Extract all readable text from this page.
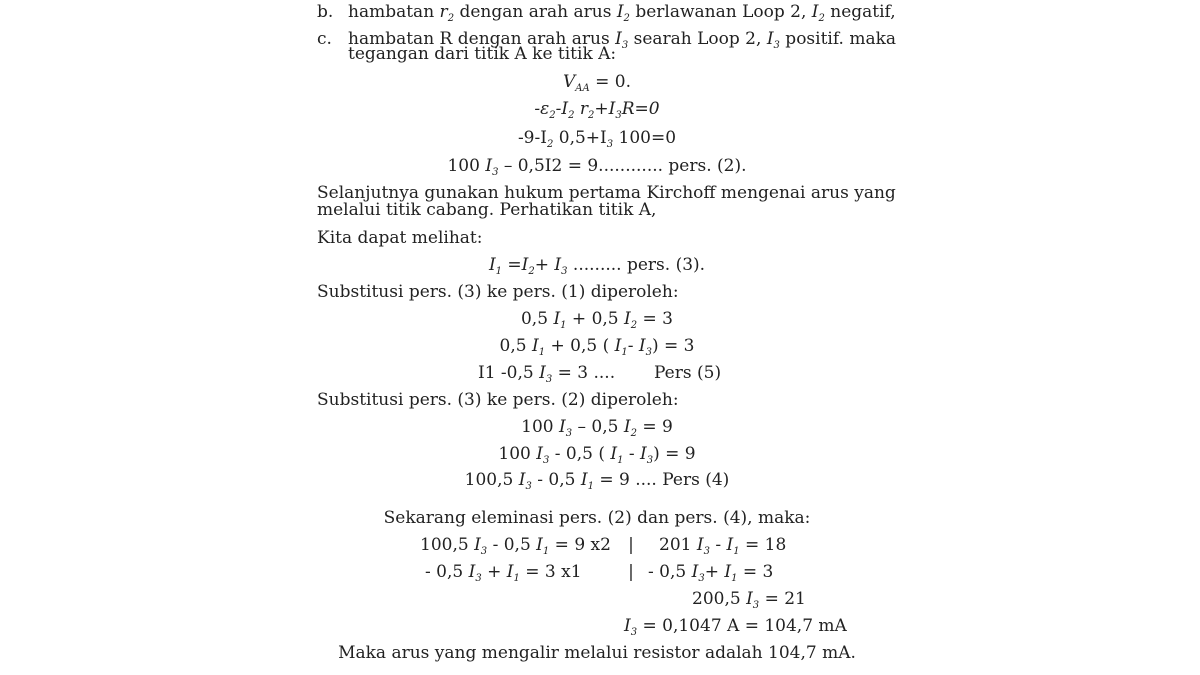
b. hambatan $r_2$ dengan arah arus $I_2$ berlawanan Loop 2, $I_2$ negatif,
c. hambatan R dengan arah arus $I_3$ searah Loop 2, $I_3$ positif. maka
tegangan dari titik A ke titik A:
$V_{AA} = 0$.
$-\varepsilon_2-I_2$ $r_2+I_3R=0$
$-9-I_2$ $0,5+I_3$ 100=0
100 $I_3 - 0,5I2 = 9$............ pers. (2).
Selanjutnya gunakan hukum pertama Kirchoff mengenai arus yang
melalui titik cabang. Perhatikan titik A,
Kita dapat melihat:
$I_1 =I_2+ I_3$ ......... pers. (3).
Substitusi pers. (3) ke pers. (1) diperoleh:
0,5 $I_1 + 0,5$ $I_2 = 3$
0,5 $I_1 + 0,5$ ( $I_1-$ $I_3) = 3$
I1 -0,5 $I_3 = 3$ .... Pers (5)
Substitusi pers. (3) ke pers. (2) diperoleh:
100 $I_3 - 0,5$ $I_2 = 9$
100 $I_3 - 0,5$ ( $I_1 - I_3) = 9$
100,5 $I_3 - 0,5$ $I_1 = 9$ .... Pers (4)
Sekarang eleminasi pers. (2) dan pers. (4), maka:
100,5 $I_3 - 0,5$ $I_1 = 9$ x2	|	201 $I_3 - I_1 = 18$
- 0,5 $I_3 + I_1 = 3$ x1	| - 0,5 $I_3+ I_1 = 3$
200,5 $I_3 = 21$
$I_3 = 0,1047$ A = 104,7 mA
Maka arus yang mengalir melalui resistor adalah 104,7 mA.
